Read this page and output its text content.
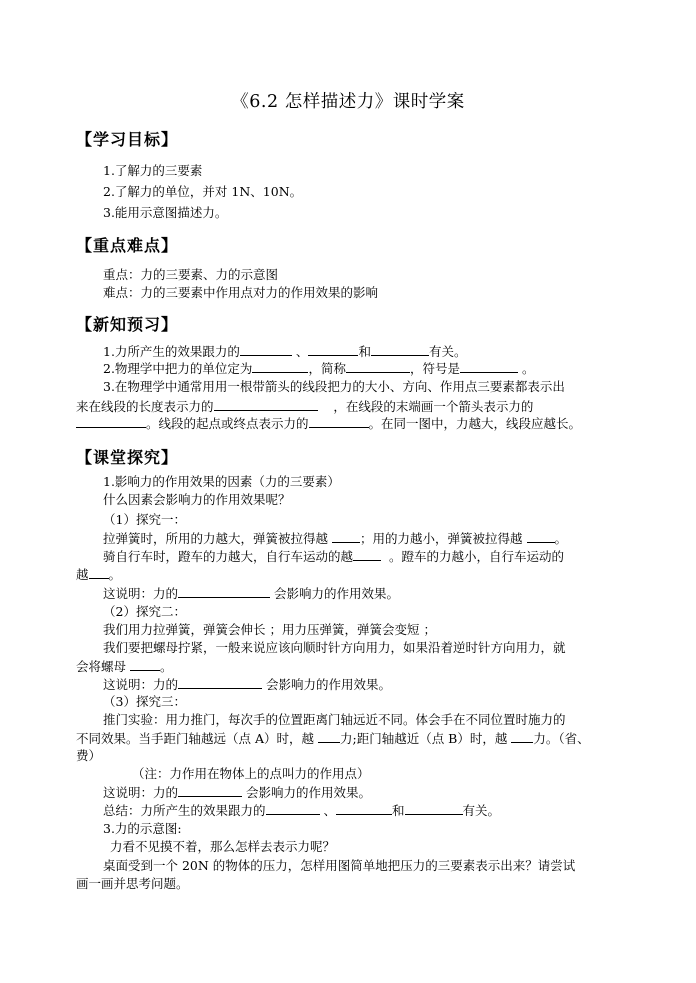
《6.2 怎样描述力》课时学案
【学习目标】
1.了解力的三要素
2.了解力的单位，并对 1N、10N。
3.能用示意图描述力。
【重点难点】
重点：力的三要素、力的示意图
难点：力的三要素中作用点对力的作用效果的影响
【新知预习】
1.力所产生的效果跟力的	、	和	有关。
2.物理学中把力的单位定为	，简称	，符号是	。
3.在物理学中通常用用一根带箭头的线段把力的大小、方向、作用点三要素都表示出
来在线段的长度表示力的	，在线段的末端画一个箭头表示力的
。线段的起点或终点表示力的	。在同一图中，力越大，线段应越长。
【课堂探究】
1.影响力的作用效果的因素（力的三要素）
什么因素会影响力的作用效果呢？
（1）探究一：
拉弹簧时，所用的力越大，弹簧被拉得越	；用的力越小，弹簧被拉得越	。
骑自行车时，蹬车的力越大，自行车运动的越	。蹬车的力越小，自行车运动的
越 。
这说明：力的	会影响力的作用效果。
（2）探究二：
我们用力拉弹簧，弹簧会伸长 ；用力压弹簧，弹簧会变短 ；
我们要把螺母拧紧，一般来说应该向顺时针方向用力，如果沿着逆时针方向用力，就
会将螺母	。
这说明：力的	会影响力的作用效果。
（3）探究三：
推门实验：用力推门，每次手的位置距离门轴远近不同。体会手在不同位置时施力的
不同效果。当手距门轴越远（点 A）时，越 力;距门轴越近（点 B）时，越 力。（省、
费）
（注：力作用在物体上的点叫力的作用点）
这说明：力的	会影响力的作用效果。
总结：力所产生的效果跟力的	、	和	有关。
3.力的示意图:
力看不见摸不着，那么怎样去表示力呢？
桌面受到一个 20N 的物体的压力，怎样用图简单地把压力的三要素表示出来？请尝试
画一画并思考问题。
